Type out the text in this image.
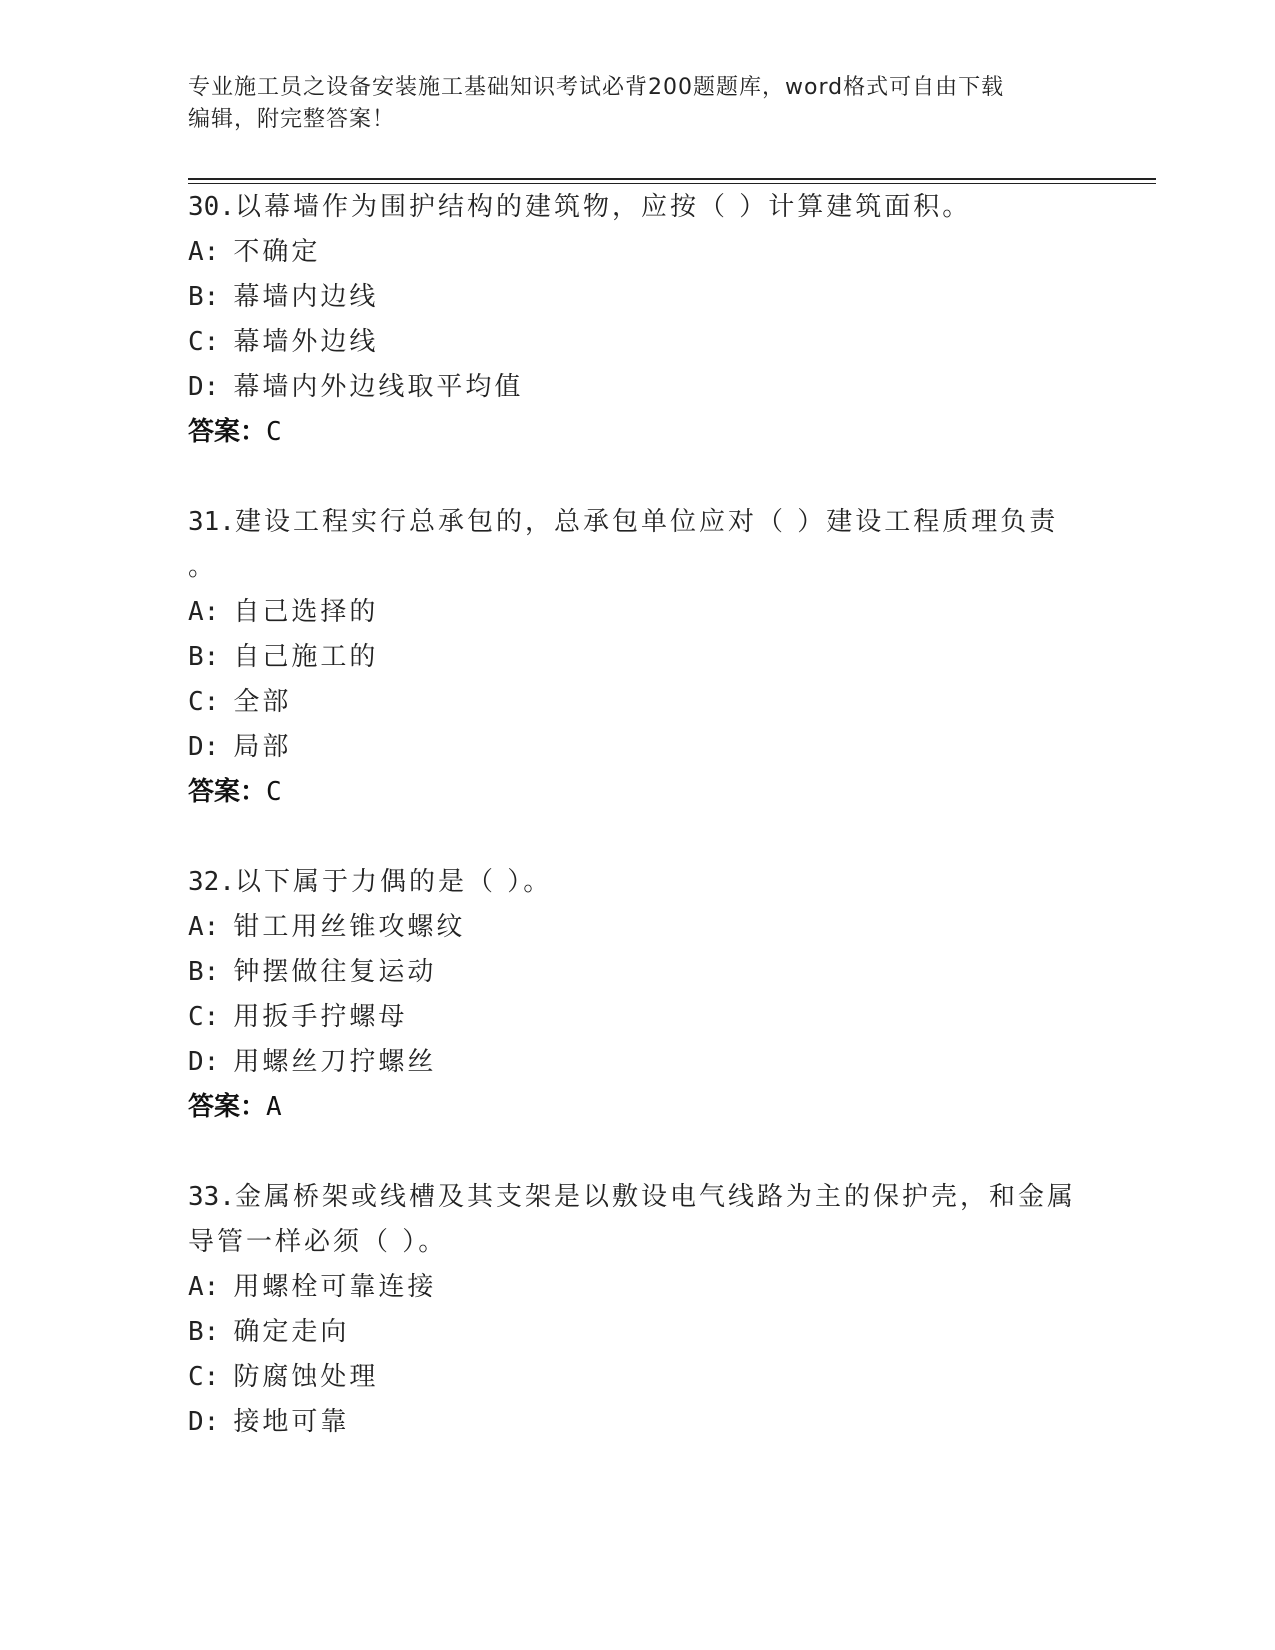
专业施工员之设备安装施工基础知识考试必背200题题库，word格式可自由下载
编辑，附完整答案！
30.以幕墙作为围护结构的建筑物，应按（ ）计算建筑面积。
A: 不确定
B: 幕墙内边线
C: 幕墙外边线
D: 幕墙内外边线取平均值
答案：C
31.建设工程实行总承包的，总承包单位应对（ ）建设工程质理负责
。
A: 自己选择的
B: 自己施工的
C: 全部
D: 局部
答案：C
32.以下属于力偶的是（ ）。
A: 钳工用丝锥攻螺纹
B: 钟摆做往复运动
C: 用扳手拧螺母
D: 用螺丝刀拧螺丝
答案：A
33.金属桥架或线槽及其支架是以敷设电气线路为主的保护壳，和金属
导管一样必须（ ）。
A: 用螺栓可靠连接
B: 确定走向
C: 防腐蚀处理
D: 接地可靠
